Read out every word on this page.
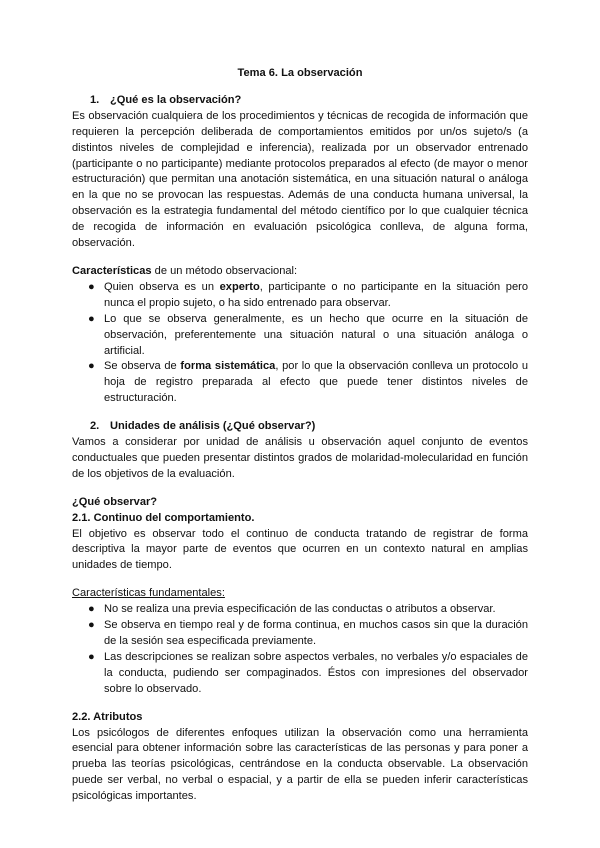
Tema 6. La observación
1. ¿Qué es la observación?

Es observación cualquiera de los procedimientos y técnicas de recogida de información que requieren la percepción deliberada de comportamientos emitidos por un/os sujeto/s (a distintos niveles de complejidad e inferencia), realizada por un observador entrenado (participante o no participante) mediante protocolos preparados al efecto (de mayor o menor estructuración) que permitan una anotación sistemática, en una situación natural o análoga en la que no se provocan las respuestas. Además de una conducta humana universal, la observación es la estrategia fundamental del método científico por lo que cualquier técnica de recogida de información en evaluación psicológica conlleva, de alguna forma, observación.

Características de un método observacional:

● Quien observa es un experto, participante o no participante en la situación pero nunca el propio sujeto, o ha sido entrenado para observar.
● Lo que se observa generalmente, es un hecho que ocurre en la situación de observación, preferentemente una situación natural o una situación análoga o artificial.
● Se observa de forma sistemática, por lo que la observación conlleva un protocolo u hoja de registro preparada al efecto que puede tener distintos niveles de estructuración.
2. Unidades de análisis (¿Qué observar?)

Vamos a considerar por unidad de análisis u observación aquel conjunto de eventos conductuales que pueden presentar distintos grados de molaridad-molecularidad en función de los objetivos de la evaluación.

¿Qué observar?
2.1. Continuo del comportamiento.

El objetivo es observar todo el continuo de conducta tratando de registrar de forma descriptiva la mayor parte de eventos que ocurren en un contexto natural en amplias unidades de tiempo.

Características fundamentales:

● No se realiza una previa especificación de las conductas o atributos a observar.
● Se observa en tiempo real y de forma continua, en muchos casos sin que la duración de la sesión sea especificada previamente.
● Las descripciones se realizan sobre aspectos verbales, no verbales y/o espaciales de la conducta, pudiendo ser compaginados. Éstos con impresiones del observador sobre lo observado.
2.2. Atributos

Los psicólogos de diferentes enfoques utilizan la observación como una herramienta esencial para obtener información sobre las características de las personas y para poner a prueba las teorías psicológicas, centrándose en la conducta observable. La observación puede ser verbal, no verbal o espacial, y a partir de ella se pueden inferir características psicológicas importantes.
